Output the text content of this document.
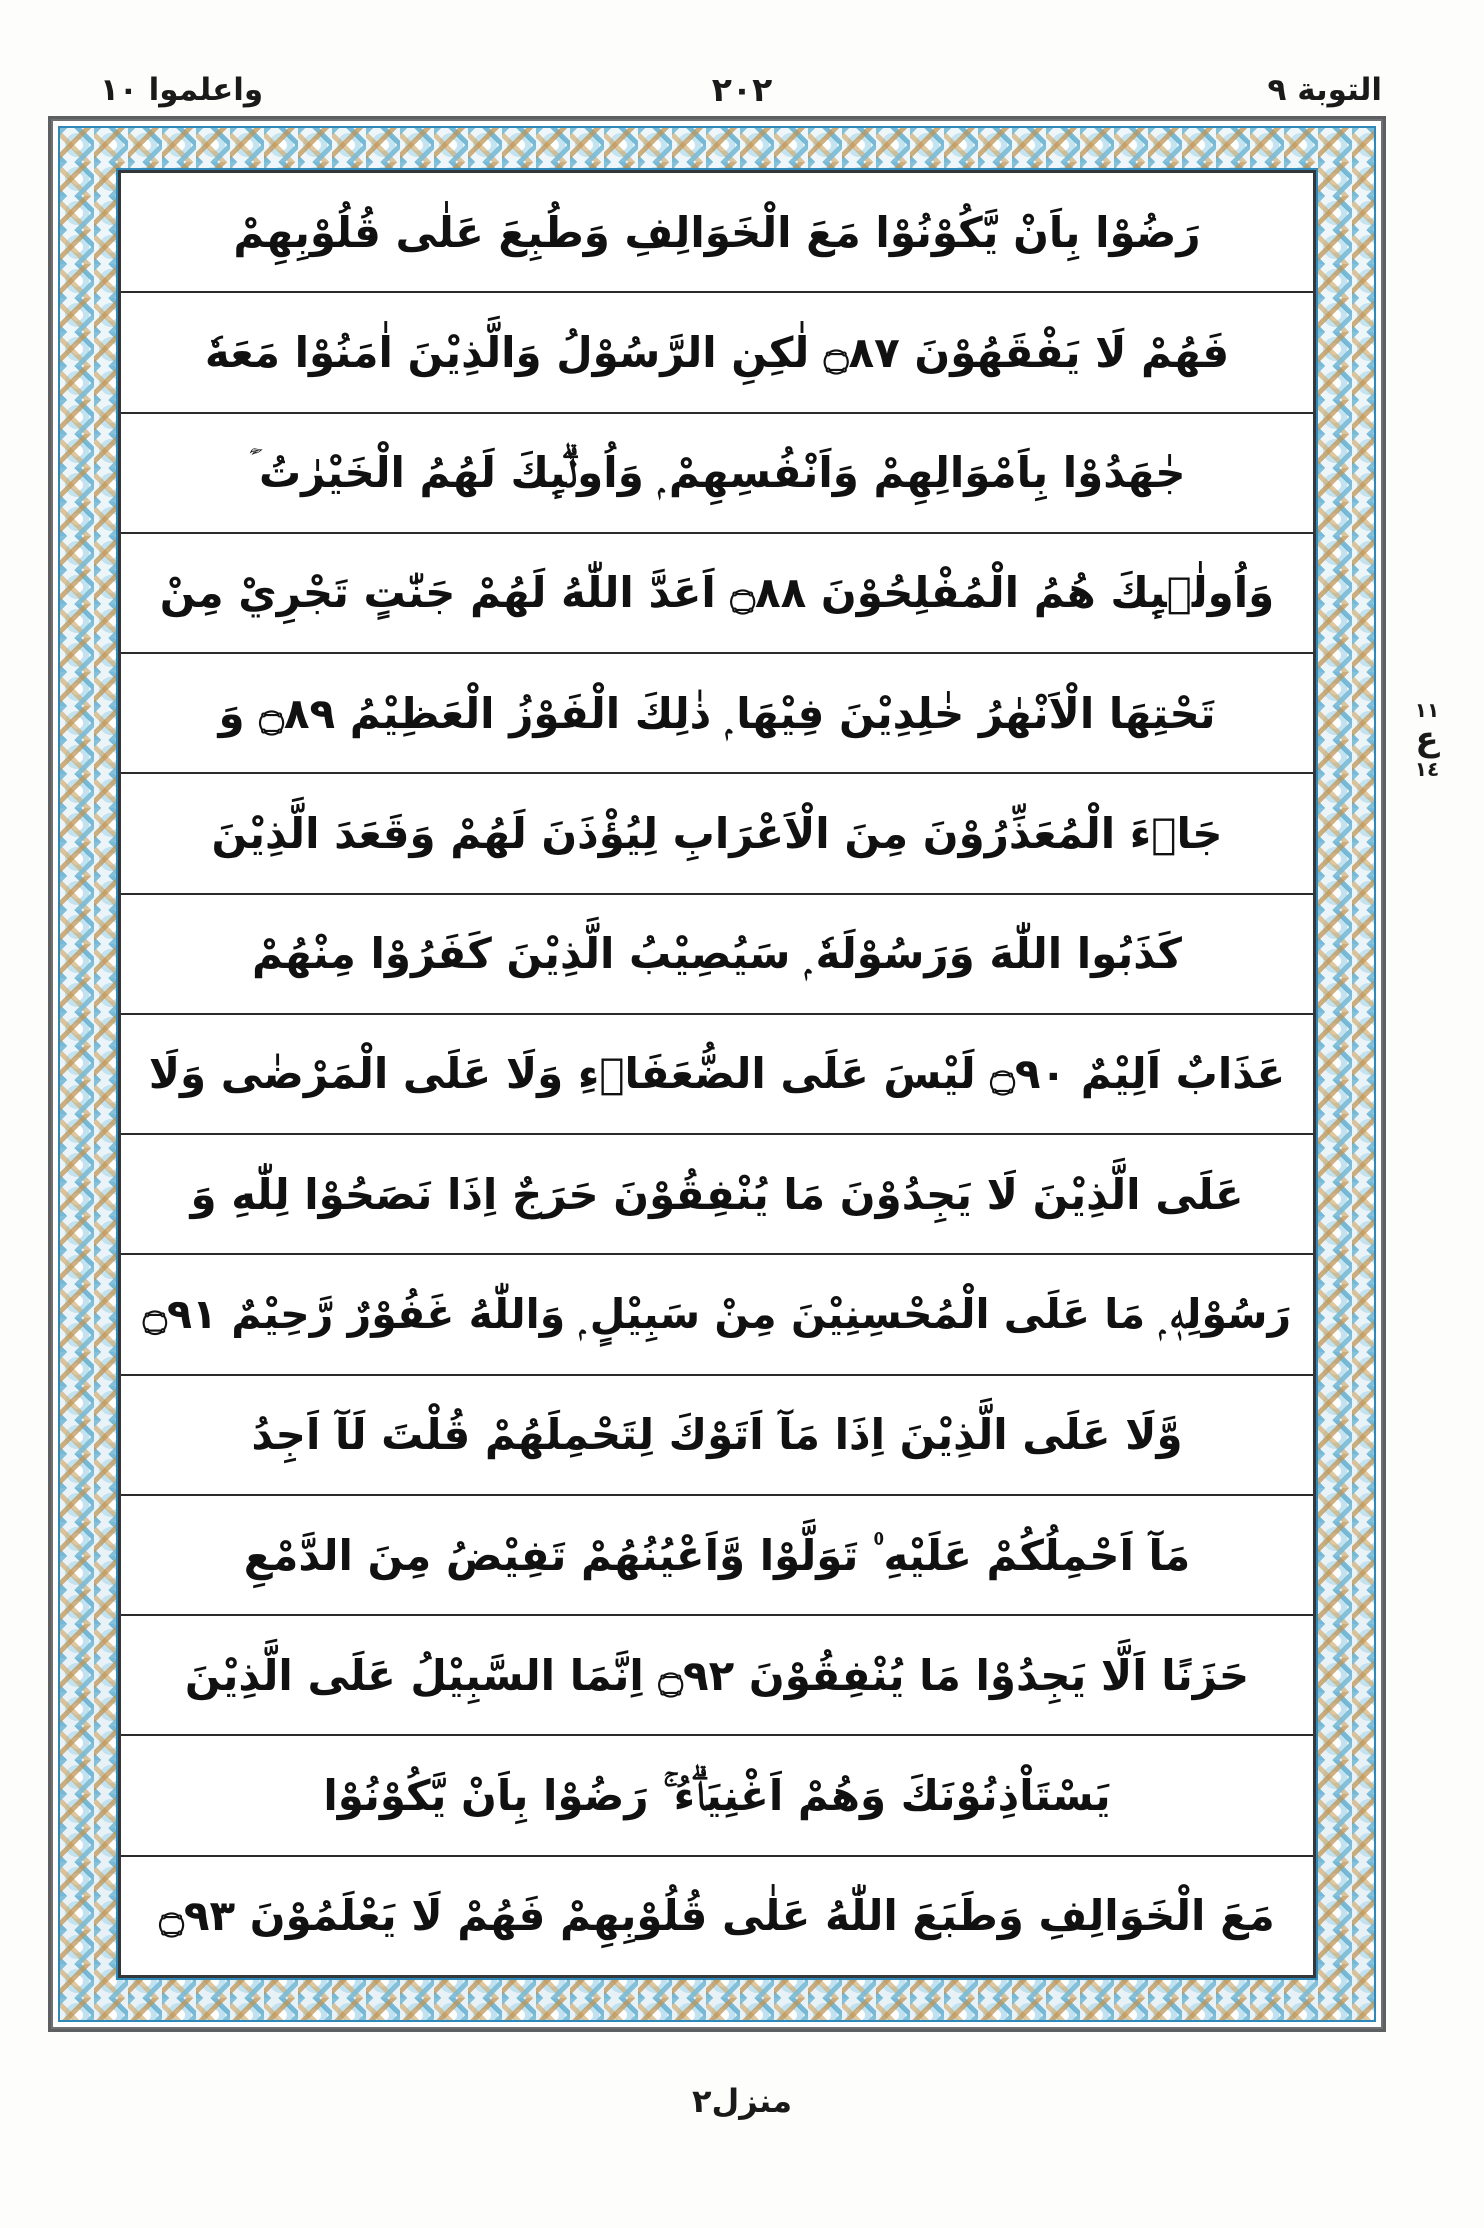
التوبة ٩
٢٠٢
واعلموا ١٠
رَضُوْا بِاَنْ يَّكُوْنُوْا مَعَ الْخَوَالِفِ وَطُبِعَ عَلٰى قُلُوْبِهِمْ
فَهُمْ لَا يَفْقَهُوْنَ ۝٨٧ لٰكِنِ الرَّسُوْلُ وَالَّذِيْنَ اٰمَنُوْا مَعَهٗ
جٰهَدُوْا بِاَمْوَالِهِمْ وَاَنْفُسِهِمْ ۭ وَاُولٰۗىِٕكَ لَهُمُ الْخَيْرٰتُ ۡ
وَاُولٰۗىِٕكَ هُمُ الْمُفْلِحُوْنَ ۝٨٨ اَعَدَّ اللّٰهُ لَهُمْ جَنّٰتٍ تَجْرِيْ مِنْ
تَحْتِهَا الْاَنْهٰرُ خٰلِدِيْنَ فِيْهَا ۭ ذٰلِكَ الْفَوْزُ الْعَظِيْمُ ۝٨٩ وَ
جَاۗءَ الْمُعَذِّرُوْنَ مِنَ الْاَعْرَابِ لِيُؤْذَنَ لَهُمْ وَقَعَدَ الَّذِيْنَ
كَذَبُوا اللّٰهَ وَرَسُوْلَهٗ ۭ سَيُصِيْبُ الَّذِيْنَ كَفَرُوْا مِنْهُمْ
عَذَابٌ اَلِيْمٌ ۝٩٠ لَيْسَ عَلَى الضُّعَفَاۗءِ وَلَا عَلَى الْمَرْضٰى وَلَا
عَلَى الَّذِيْنَ لَا يَجِدُوْنَ مَا يُنْفِقُوْنَ حَرَجٌ اِذَا نَصَحُوْا لِلّٰهِ وَ
رَسُوْلِهٖ ۭ مَا عَلَى الْمُحْسِنِيْنَ مِنْ سَبِيْلٍ ۭ وَاللّٰهُ غَفُوْرٌ رَّحِيْمٌ ۝٩١
وَّلَا عَلَى الَّذِيْنَ اِذَا مَآ اَتَوْكَ لِتَحْمِلَهُمْ قُلْتَ لَآ اَجِدُ
مَآ اَحْمِلُكُمْ عَلَيْهِ ۠ تَوَلَّوْا وَّاَعْيُنُهُمْ تَفِيْضُ مِنَ الدَّمْعِ
حَزَنًا اَلَّا يَجِدُوْا مَا يُنْفِقُوْنَ ۝٩٢ اِنَّمَا السَّبِيْلُ عَلَى الَّذِيْنَ
يَسْتَاْذِنُوْنَكَ وَهُمْ اَغْنِيَاۗءُ ۚ رَضُوْا بِاَنْ يَّكُوْنُوْا
مَعَ الْخَوَالِفِ وَطَبَعَ اللّٰهُ عَلٰى قُلُوْبِهِمْ فَهُمْ لَا يَعْلَمُوْنَ ۝٩٣
١١
ع
١٤
منزل٢
